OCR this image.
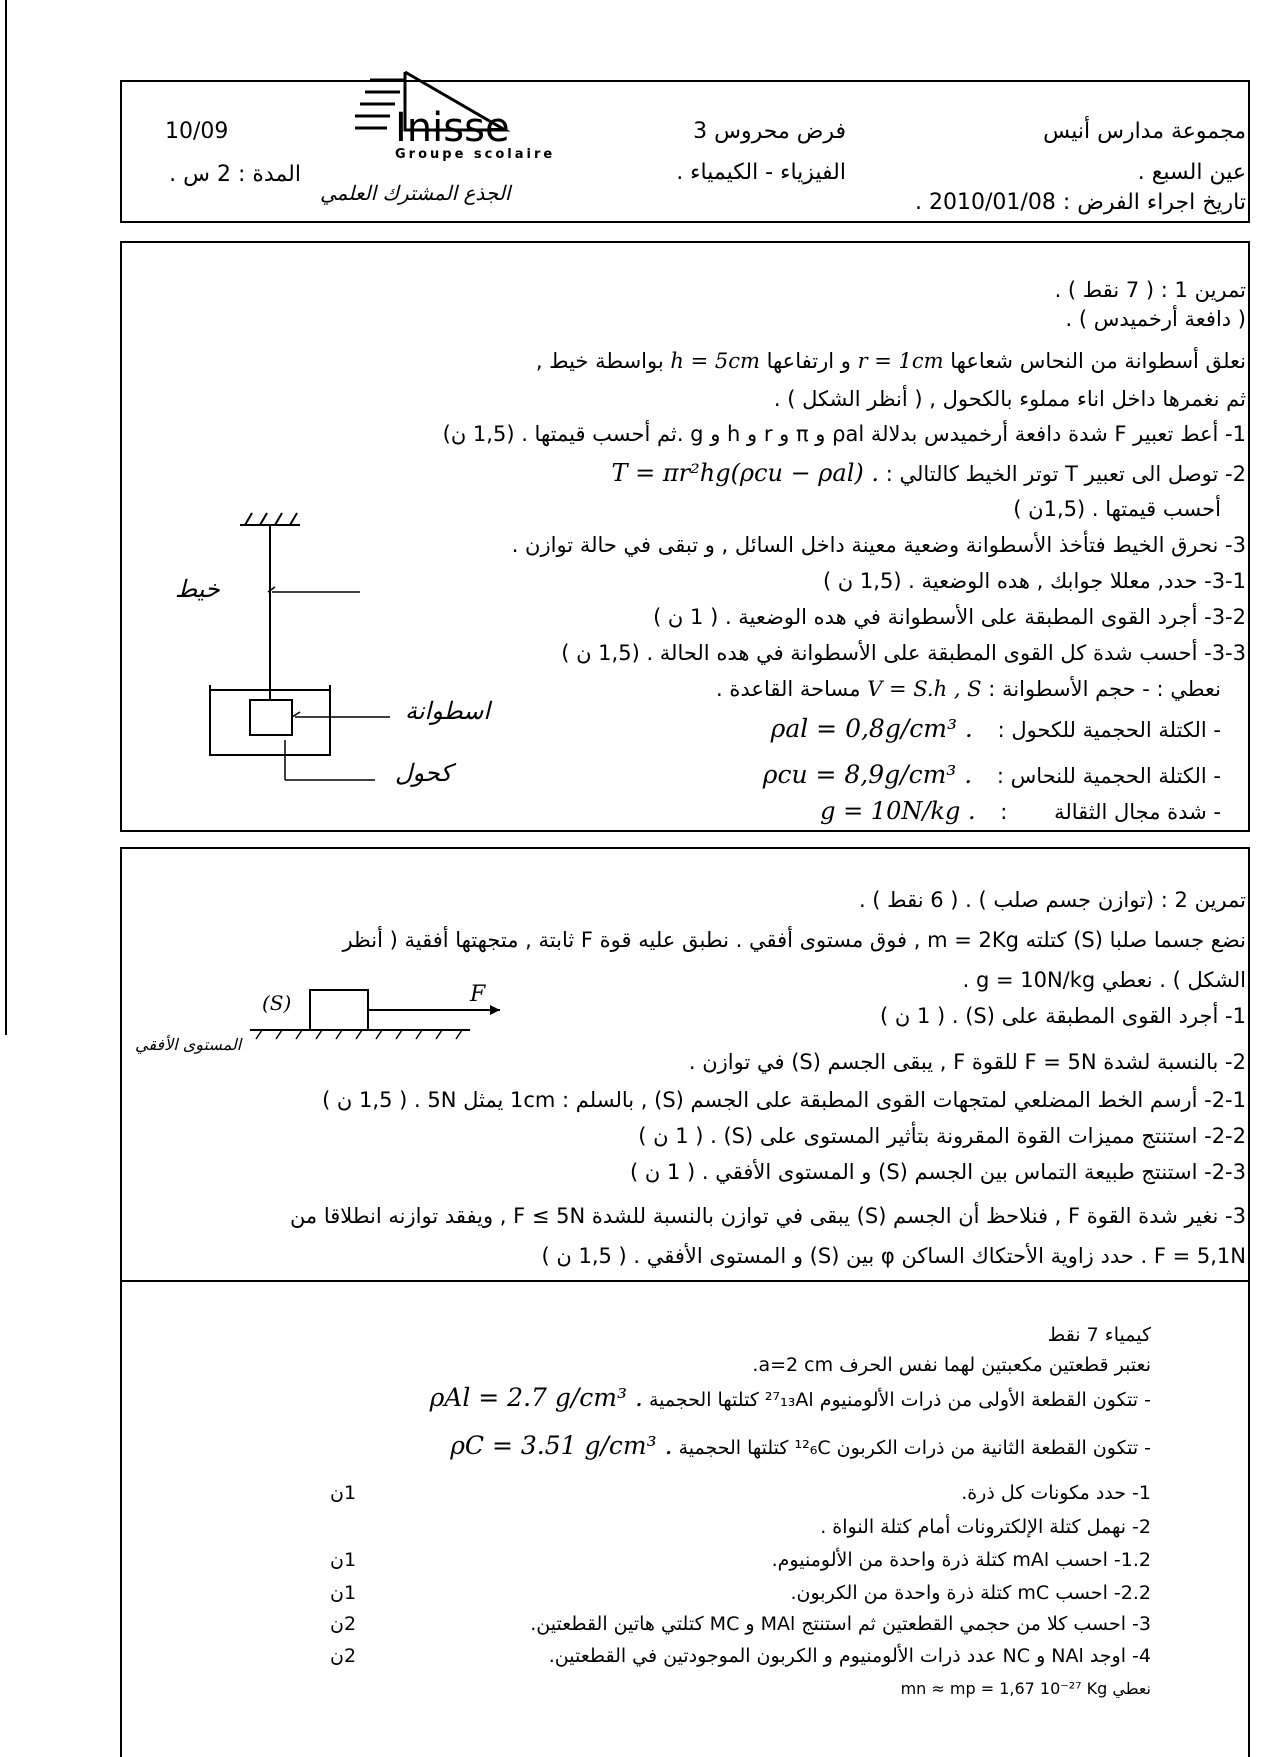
مجموعة مدارس أنيس
عين السبع .
تاريخ اجراء الفرض : 2010/01/08 .
فرض محروس 3
الفيزياء - الكيمياء .
10/09
المدة : 2 س .
الجذع المشترك العلمي
Inisse
Groupe scolaire
تمرين 1 : ( 7 نقط ) .
( دافعة أرخميدس ) .
نعلق أسطوانة من النحاس شعاعها r = 1cm و ارتفاعها h = 5cm بواسطة خيط ,
ثم نغمرها داخل اناء مملوء بالكحول , ( أنظر الشكل ) .
1- أعط تعبير F شدة دافعة أرخميدس بدلالة ρal و π و r و h و g .ثم أحسب قيمتها . (1,5 ن)
2- توصل الى تعبير T توتر الخيط كالتالي : T = πr²hg(ρcu − ρal) .
أحسب قيمتها . (1,5ن )
3- نحرق الخيط فتأخذ الأسطوانة وضعية معينة داخل السائل , و تبقى في حالة توازن .
3-1- حدد, معللا جوابك , هده الوضعية . (1,5 ن )
3-2- أجرد القوى المطبقة على الأسطوانة في هده الوضعية . ( 1 ن )
3-3- أحسب شدة كل القوى المطبقة على الأسطوانة في هده الحالة . (1,5 ن )
نعطي : - حجم الأسطوانة : V = S.h , S مساحة القاعدة .
- الكتلة الحجمية للكحول : ρal = 0,8g/cm³ .
- الكتلة الحجمية للنحاس : ρcu = 8,9g/cm³ .
- شدة مجال الثقالة : g = 10N/kg .
خيط
اسطوانة
كحول
تمرين 2 : (توازن جسم صلب ) . ( 6 نقط ) .
نضع جسما صلبا (S) كتلته m = 2Kg , فوق مستوى أفقي . نطبق عليه قوة F ثابتة , متجهتها أفقية ( أنظر
الشكل ) . نعطي g = 10N/kg .
1- أجرد القوى المطبقة على (S) . ( 1 ن )
2- بالنسبة لشدة F = 5N للقوة F , يبقى الجسم (S) في توازن .
2-1- أرسم الخط المضلعي لمتجهات القوى المطبقة على الجسم (S) , بالسلم : 1cm يمثل 5N . ( 1,5 ن )
2-2- استنتج مميزات القوة المقرونة بتأثير المستوى على (S) . ( 1 ن )
2-3- استنتج طبيعة التماس بين الجسم (S) و المستوى الأفقي . ( 1 ن )
3- نغير شدة القوة F , فنلاحظ أن الجسم (S) يبقى في توازن بالنسبة للشدة F ≤ 5N , ويفقد توازنه انطلاقا من
F = 5,1N . حدد زاوية الأحتكاك الساكن φ بين (S) و المستوى الأفقي . ( 1,5 ن )
(S)	F
المستوى الأفقي
كيمياء 7 نقط
نعتبر قطعتين مكعبتين لهما نفس الحرف a=2 cm.
- تتكون القطعة الأولى من ذرات الألومنيوم ²⁷₁₃Al كتلتها الحجمية ρAl = 2.7 g/cm³ .
- تتكون القطعة الثانية من ذرات الكربون ¹²₆C كتلتها الحجمية ρC = 3.51 g/cm³ .
1- حدد مكونات كل ذرة.
2- نهمل كتلة الإلكترونات أمام كتلة النواة .
1.2- احسب mAl كتلة ذرة واحدة من الألومنيوم.
2.2- احسب mC كتلة ذرة واحدة من الكربون.
3- احسب كلا من حجمي القطعتين ثم استنتج MAl و MC كتلتي هاتين القطعتين.
4- اوجد NAl و NC عدد ذرات الألومنيوم و الكربون الموجودتين في القطعتين.
نعطي mn ≈ mp = 1,67 10⁻²⁷ Kg
1ن
1ن
1ن
2ن
2ن
